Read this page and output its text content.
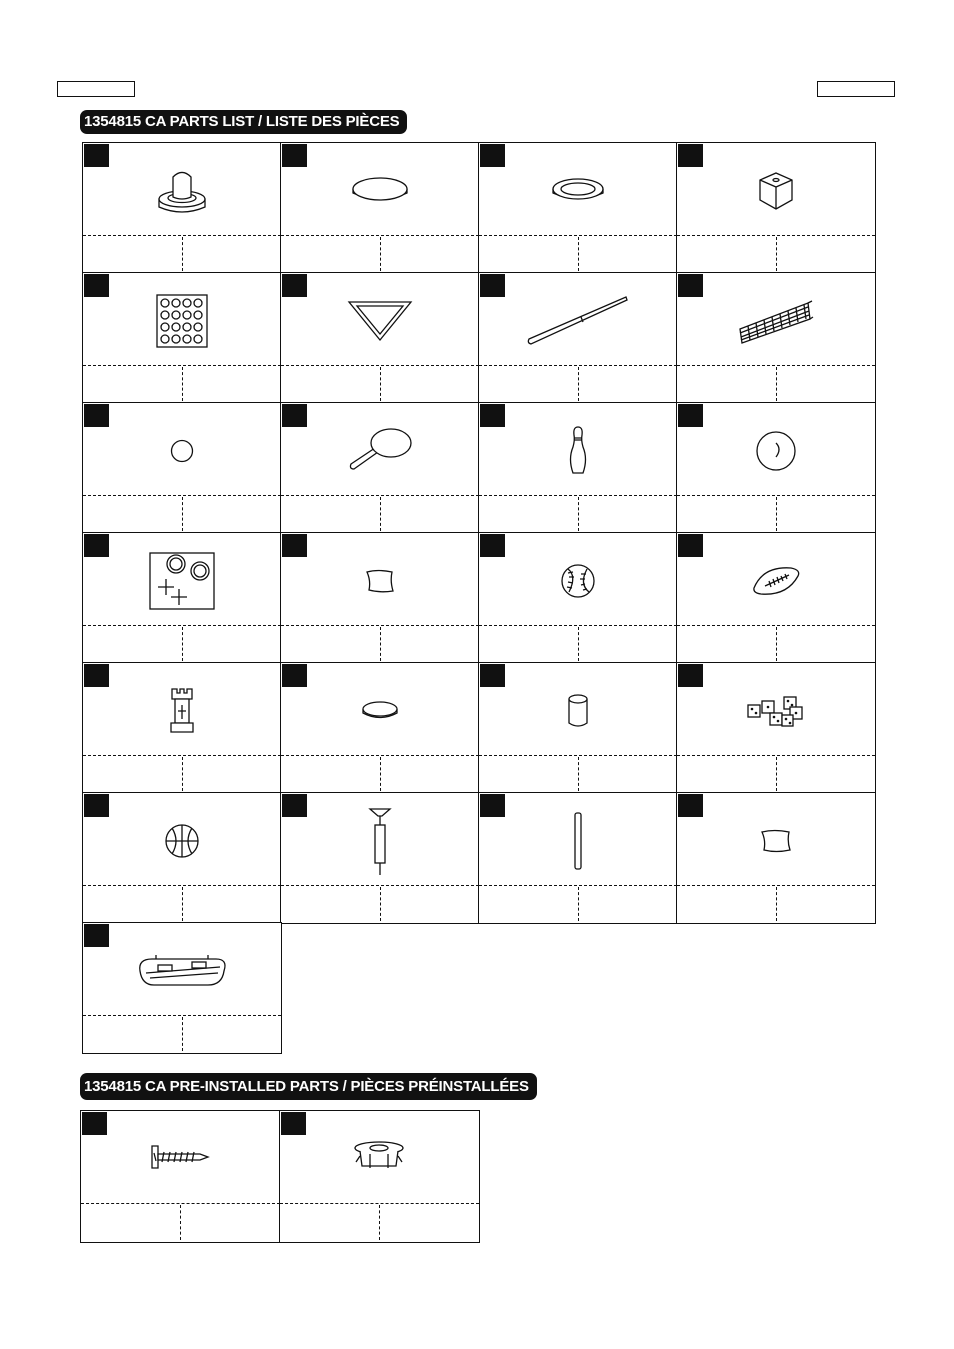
1354815 CA PARTS LIST / LISTE DES PIÈCES
1354815 CA PRE-INSTALLED PARTS / PIÈCES PRÉINSTALLÉES
